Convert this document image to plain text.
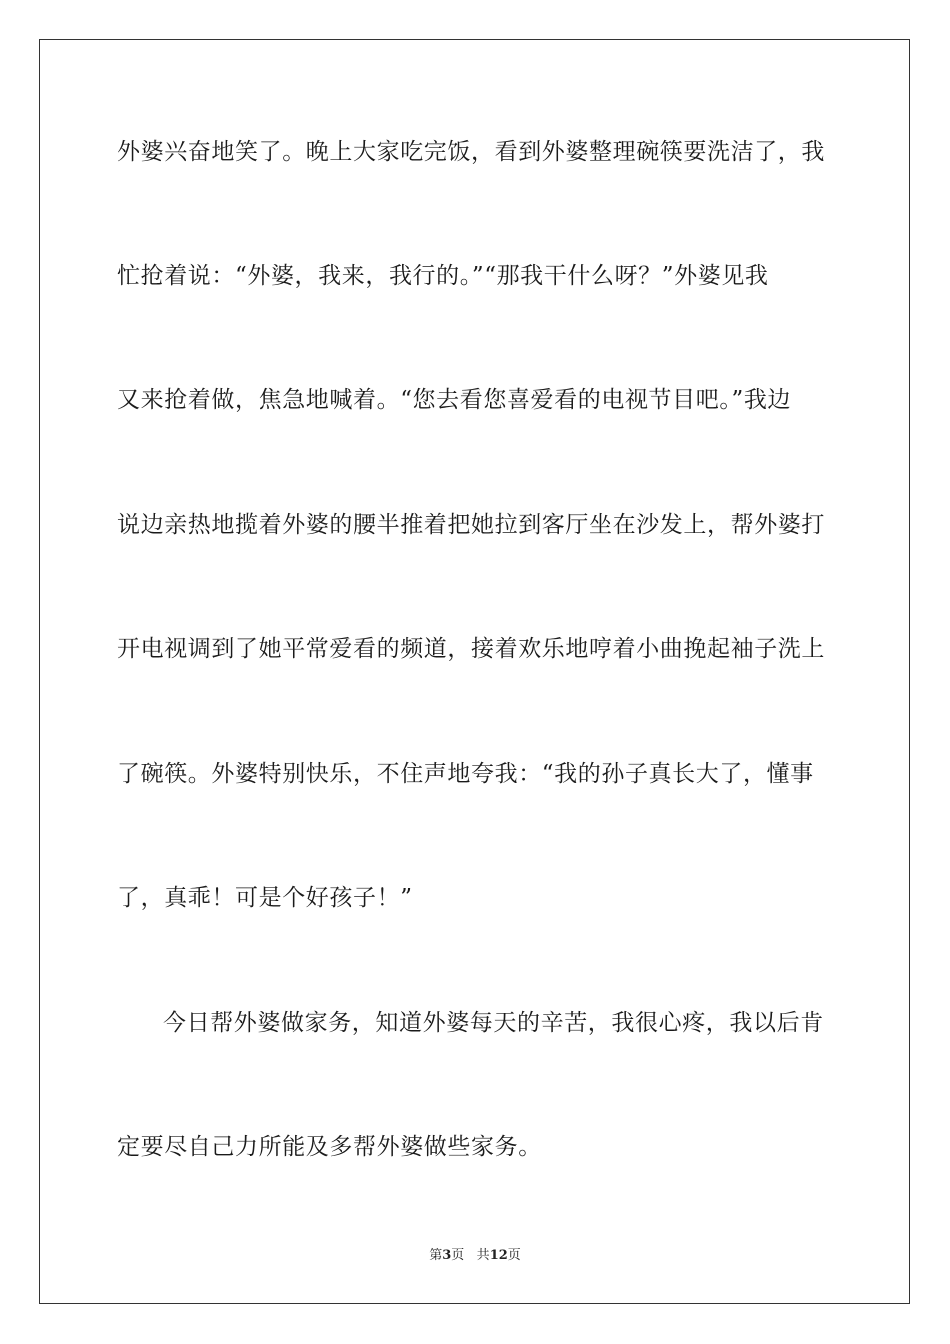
外婆兴奋地笑了。晚上大家吃完饭，看到外婆整理碗筷要洗洁了，我
忙抢着说：“外婆，我来，我行的。”“那我干什么呀？”外婆见我
又来抢着做，焦急地喊着。“您去看您喜爱看的电视节目吧。”我边
说边亲热地揽着外婆的腰半推着把她拉到客厅坐在沙发上，帮外婆打
开电视调到了她平常爱看的频道，接着欢乐地哼着小曲挽起袖子洗上
了碗筷。外婆特别快乐，不住声地夸我：“我的孙子真长大了，懂事
了，真乖！可是个好孩子！”
今日帮外婆做家务，知道外婆每天的辛苦，我很心疼，我以后肯
定要尽自己力所能及多帮外婆做些家务。
第3页 共12页
